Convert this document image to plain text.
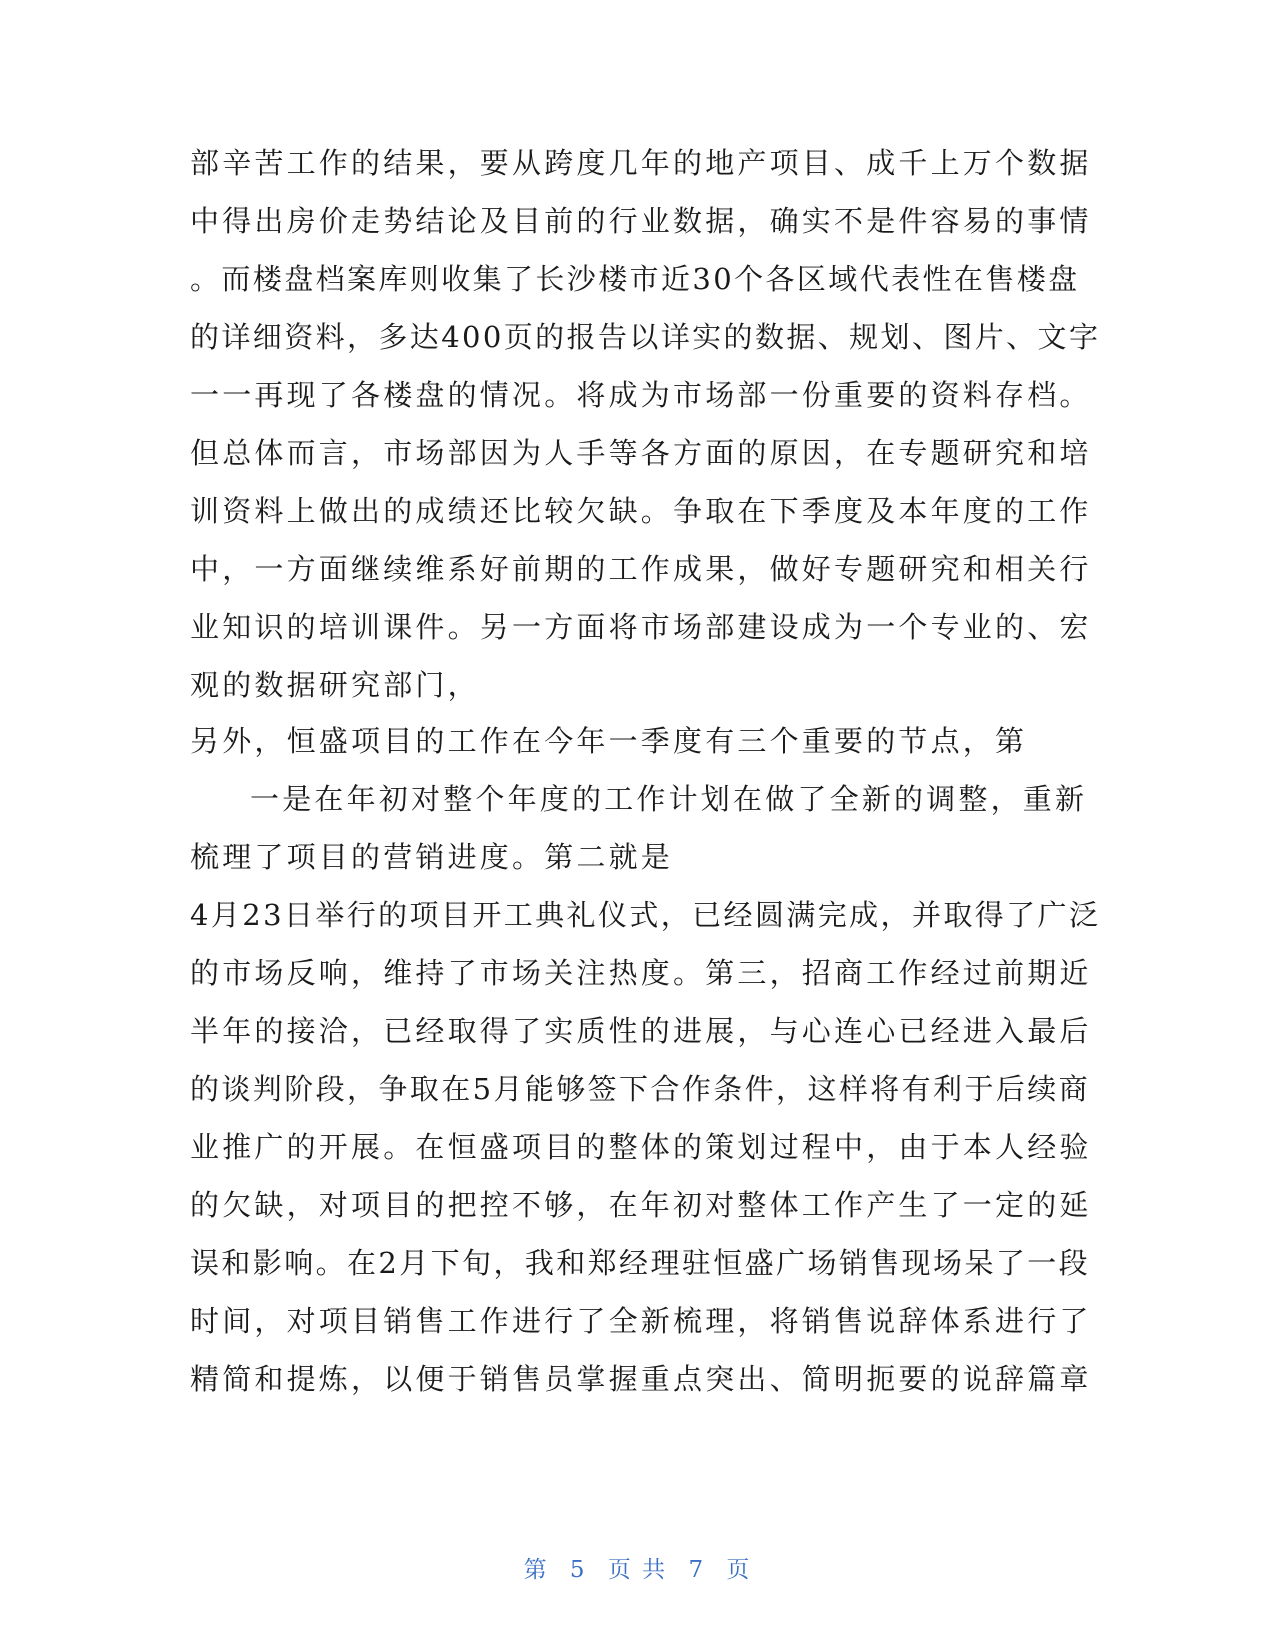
部辛苦工作的结果，要从跨度几年的地产项目、成千上万个数据
中得出房价走势结论及目前的行业数据，确实不是件容易的事情
。而楼盘档案库则收集了长沙楼市近30个各区域代表性在售楼盘
的详细资料，多达400页的报告以详实的数据、规划、图片、文字
一一再现了各楼盘的情况。将成为市场部一份重要的资料存档。
但总体而言，市场部因为人手等各方面的原因，在专题研究和培
训资料上做出的成绩还比较欠缺。争取在下季度及本年度的工作
中，一方面继续维系好前期的工作成果，做好专题研究和相关行
业知识的培训课件。另一方面将市场部建设成为一个专业的、宏
观的数据研究部门，
另外，恒盛项目的工作在今年一季度有三个重要的节点，第
一是在年初对整个年度的工作计划在做了全新的调整，重新
梳理了项目的营销进度。第二就是
4月23日举行的项目开工典礼仪式，已经圆满完成，并取得了广泛
的市场反响，维持了市场关注热度。第三，招商工作经过前期近
半年的接洽，已经取得了实质性的进展，与心连心已经进入最后
的谈判阶段，争取在5月能够签下合作条件，这样将有利于后续商
业推广的开展。在恒盛项目的整体的策划过程中，由于本人经验
的欠缺，对项目的把控不够，在年初对整体工作产生了一定的延
误和影响。在2月下旬，我和郑经理驻恒盛广场销售现场呆了一段
时间，对项目销售工作进行了全新梳理，将销售说辞体系进行了
精简和提炼，以便于销售员掌握重点突出、简明扼要的说辞篇章
第 5 页 共 7 页
